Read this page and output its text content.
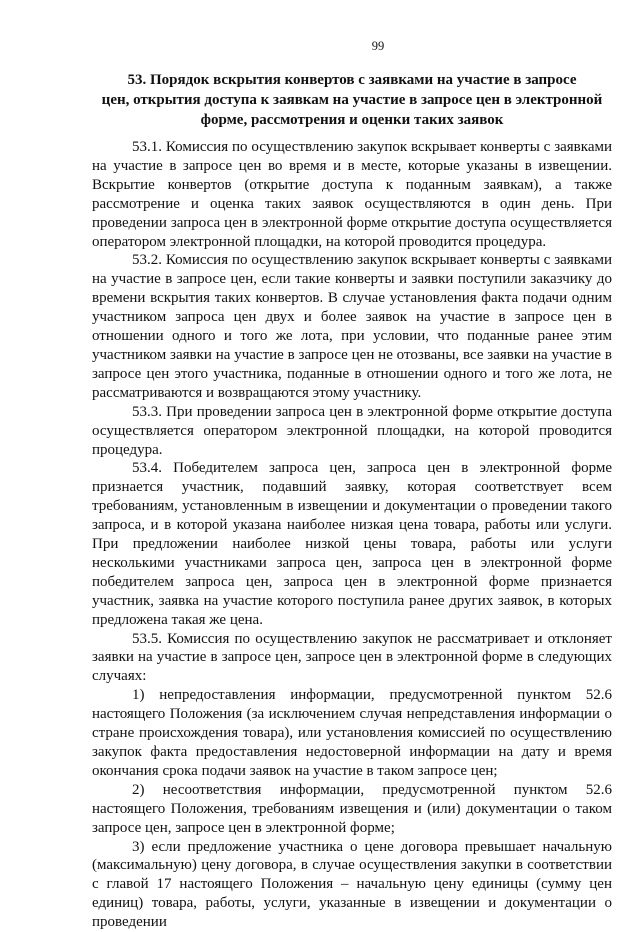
99
53. Порядок вскрытия конвертов с заявками на участие в запросе
цен, открытия доступа к заявкам на участие в запросе цен в электронной
форме, рассмотрения и оценки таких заявок

53.1. Комиссия по осуществлению закупок вскрывает конверты с заявками на участие в запросе цен во время и в месте, которые указаны в извещении. Вскрытие конвертов (открытие доступа к поданным заявкам), а также рассмотрение и оценка таких заявок осуществляются в один день. При проведении запроса цен в электронной форме открытие доступа осуществляется оператором электронной площадки, на которой проводится процедура.

53.2. Комиссия по осуществлению закупок вскрывает конверты с заявками на участие в запросе цен, если такие конверты и заявки поступили заказчику до времени вскрытия таких конвертов. В случае установления факта подачи одним участником запроса цен двух и более заявок на участие в запросе цен в отношении одного и того же лота, при условии, что поданные ранее этим участником заявки на участие в запросе цен не отозваны, все заявки на участие в запросе цен этого участника, поданные в отношении одного и того же лота, не рассматриваются и возвращаются этому участнику.

53.3. При проведении запроса цен в электронной форме открытие доступа осуществляется оператором электронной площадки, на которой проводится процедура.

53.4. Победителем запроса цен, запроса цен в электронной форме признается участник, подавший заявку, которая соответствует всем требованиям, установленным в извещении и документации о проведении такого запроса, и в которой указана наиболее низкая цена товара, работы или услуги. При предложении наиболее низкой цены товара, работы или услуги несколькими участниками запроса цен, запроса цен в электронной форме победителем запроса цен, запроса цен в электронной форме признается участник, заявка на участие которого поступила ранее других заявок, в которых предложена такая же цена.

53.5. Комиссия по осуществлению закупок не рассматривает и отклоняет заявки на участие в запросе цен, запросе цен в электронной форме в следующих случаях:

1) непредоставления информации, предусмотренной пунктом 52.6 настоящего Положения (за исключением случая непредставления информации о стране происхождения товара), или установления комиссией по осуществлению закупок факта предоставления недостоверной информации на дату и время окончания срока подачи заявок на участие в таком запросе цен;

2) несоответствия информации, предусмотренной пунктом 52.6 настоящего Положения, требованиям извещения и (или) документации о таком запросе цен, запросе цен в электронной форме;

3) если предложение участника о цене договора превышает начальную (максимальную) цену договора, в случае осуществления закупки в соответствии с главой 17 настоящего Положения – начальную цену единицы (сумму цен единиц) товара, работы, услуги, указанные в извещении и документации о проведении
